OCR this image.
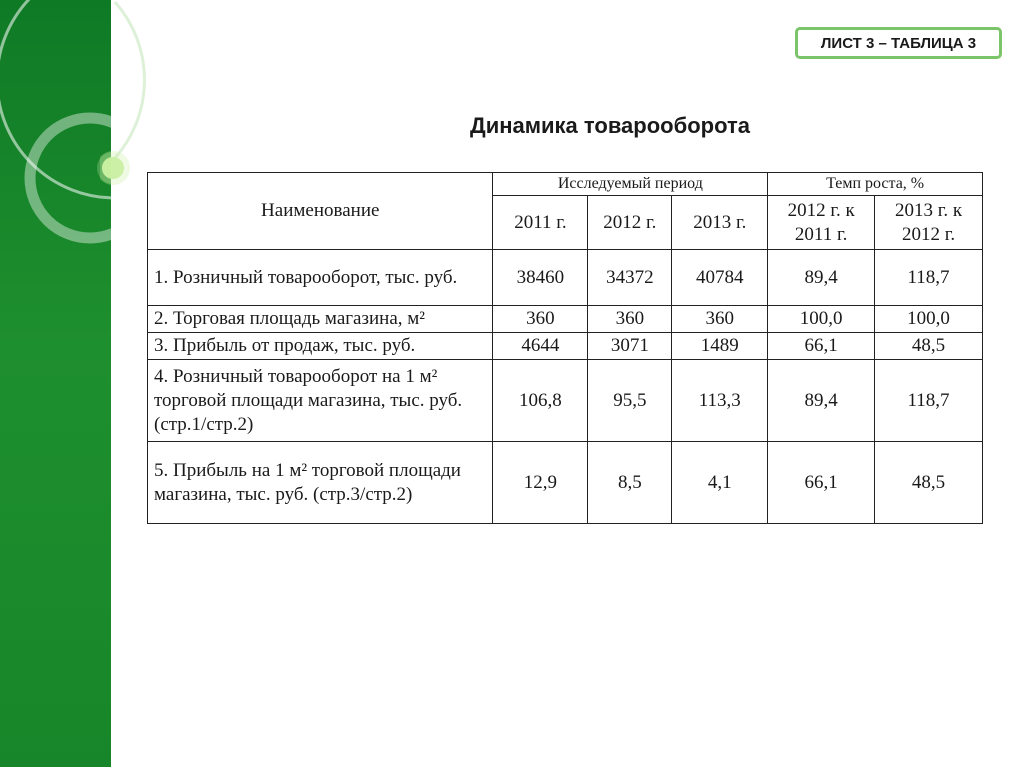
ЛИСТ 3 – ТАБЛИЦА 3
Динамика товарооборота
Наименование	Исследуемый период			Темп роста, %	
	2011 г.	2012 г.	2013 г.	2012 г. к 2011 г.	2013 г. к 2012 г.
1. Розничный товарооборот, тыс. руб.	38460	34372	40784	89,4	118,7
2. Торговая площадь магазина, м²	360	360	360	100,0	100,0
3. Прибыль от продаж, тыс. руб.	4644	3071	1489	66,1	48,5
4. Розничный товарооборот на 1 м² торговой площади магазина, тыс. руб. (стр.1/стр.2)	106,8	95,5	113,3	89,4	118,7
5. Прибыль на 1 м² торговой площади магазина, тыс. руб. (стр.3/стр.2)	12,9	8,5	4,1	66,1	48,5
